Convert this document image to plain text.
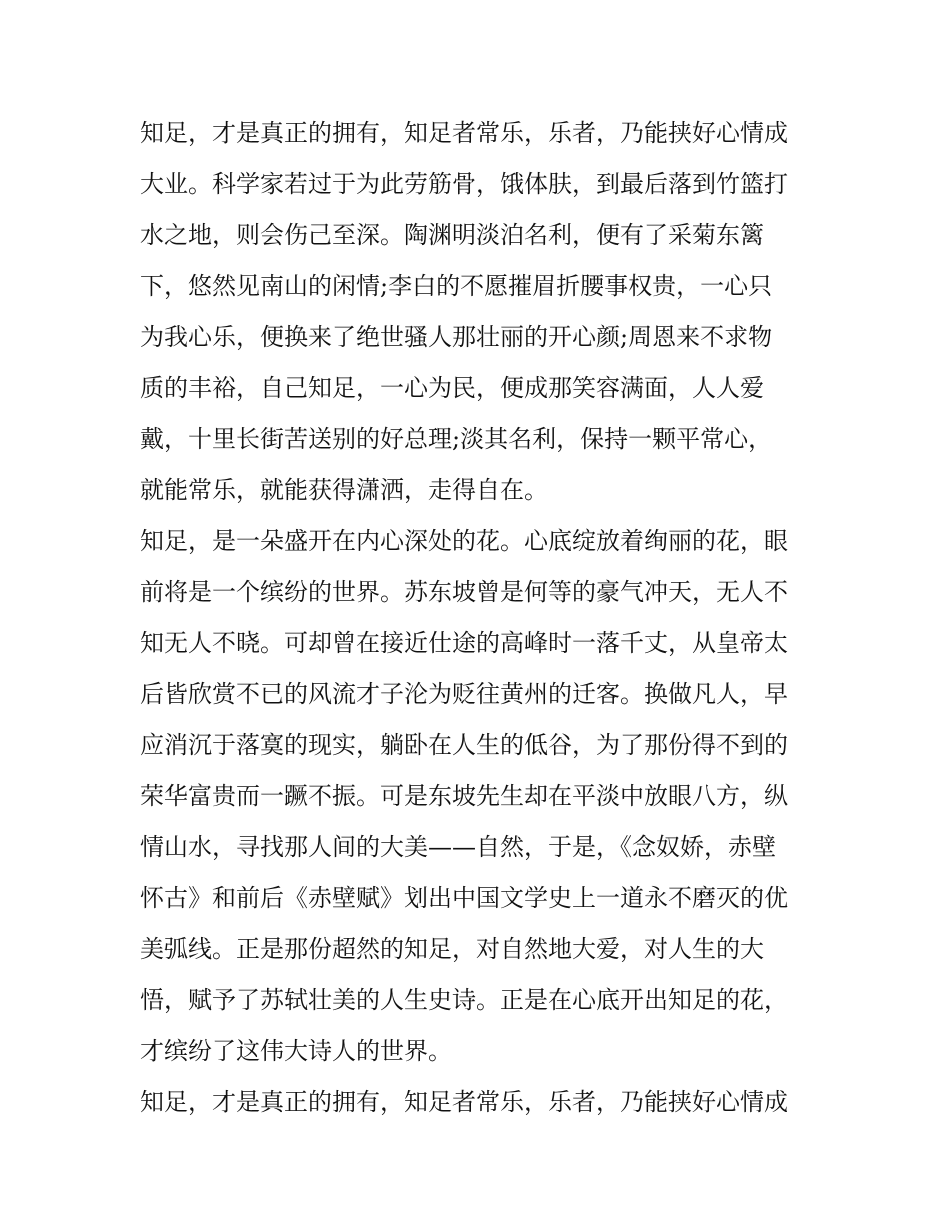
知足，才是真正的拥有，知足者常乐，乐者，乃能挟好心情成
大业。科学家若过于为此劳筋骨，饿体肤，到最后落到竹篮打
水之地，则会伤己至深。陶渊明淡泊名利，便有了采菊东篱
下，悠然见南山的闲情;李白的不愿摧眉折腰事权贵，一心只
为我心乐，便换来了绝世骚人那壮丽的开心颜;周恩来不求物
质的丰裕，自己知足，一心为民，便成那笑容满面，人人爱
戴，十里长街苦送别的好总理;淡其名利，保持一颗平常心，
就能常乐，就能获得潇洒，走得自在。
知足，是一朵盛开在内心深处的花。心底绽放着绚丽的花，眼
前将是一个缤纷的世界。苏东坡曾是何等的豪气冲天，无人不
知无人不晓。可却曾在接近仕途的高峰时一落千丈，从皇帝太
后皆欣赏不已的风流才子沦为贬往黄州的迁客。换做凡人，早
应消沉于落寞的现实，躺卧在人生的低谷，为了那份得不到的
荣华富贵而一蹶不振。可是东坡先生却在平淡中放眼八方，纵
情山水，寻找那人间的大美——自然，于是，《念奴娇，赤壁
怀古》和前后《赤壁赋》划出中国文学史上一道永不磨灭的优
美弧线。正是那份超然的知足，对自然地大爱，对人生的大
悟，赋予了苏轼壮美的人生史诗。正是在心底开出知足的花，
才缤纷了这伟大诗人的世界。
知足，才是真正的拥有，知足者常乐，乐者，乃能挟好心情成
